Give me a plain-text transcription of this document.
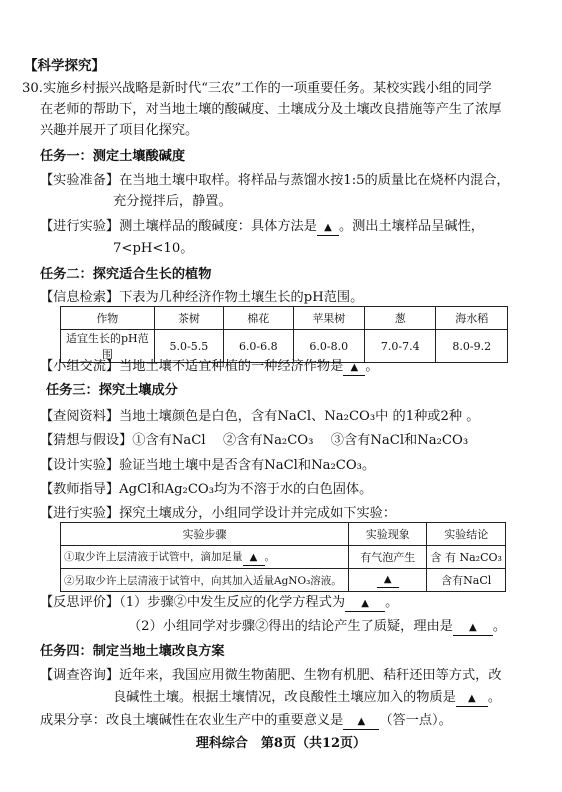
【科学探究】
30.实施乡村振兴战略是新时代“三农”工作的一项重要任务。某校实践小组的同学
在老师的帮助下，对当地土壤的酸碱度、土壤成分及土壤改良措施等产生了浓厚
兴趣并展开了项目化探究。
任务一：测定土壤酸碱度
【实验准备】在当地土壤中取样。将样品与蒸馏水按1:5的质量比在烧杯内混合，
充分搅拌后，静置。
【进行实验】测土壤样品的酸碱度：具体方法是 ▲ 。测出土壤样品呈碱性，
7<pH<10。
任务二：探究适合生长的植物
【信息检索】下表为几种经济作物土壤生长的pH范围。
作物	茶树	棉花	苹果树	葱	海水稻
适宜生长的pH范围	5.0-5.5	6.0-6.8	6.0-8.0	7.0-7.4	8.0-9.2
【小组交流】当地土壤不适宜种植的一种经济作物是 ▲ 。
任务三：探究土壤成分
【查阅资料】当地土壤颜色是白色，含有NaCl、Na₂CO₃中 的1种或2种 。
【猜想与假设】①含有NaCl　 ②含有Na₂CO₃　 ③含有NaCl和Na₂CO₃
【设计实验】验证当地土壤中是否含有NaCl和Na₂CO₃。
【教师指导】AgCl和Ag₂CO₃均为不溶于水的白色固体。
【进行实验】探究土壤成分，小组同学设计并完成如下实验：
实验步骤	实验现象	实验结论
①取少许上层清液于试管中，滴加足量 ▲ 。	有气泡产生	含 有 Na₂CO₃
②另取少许上层清液于试管中，向其加入适量AgNO₃溶液。	▲	含有NaCl
【反思评价】（1）步骤②中发生反应的化学方程式为 ▲ 。
（2）小组同学对步骤②得出的结论产生了质疑，理由是 ▲ 。
任务四：制定当地土壤改良方案
【调查咨询】近年来，我国应用微生物菌肥、生物有机肥、秸秆还田等方式，改
良碱性土壤。根据土壤情况，改良酸性土壤应加入的物质是 ▲ 。
成果分享：改良土壤碱性在农业生产中的重要意义是 ▲ （答一点）。
理科综合　第8页（共12页）
